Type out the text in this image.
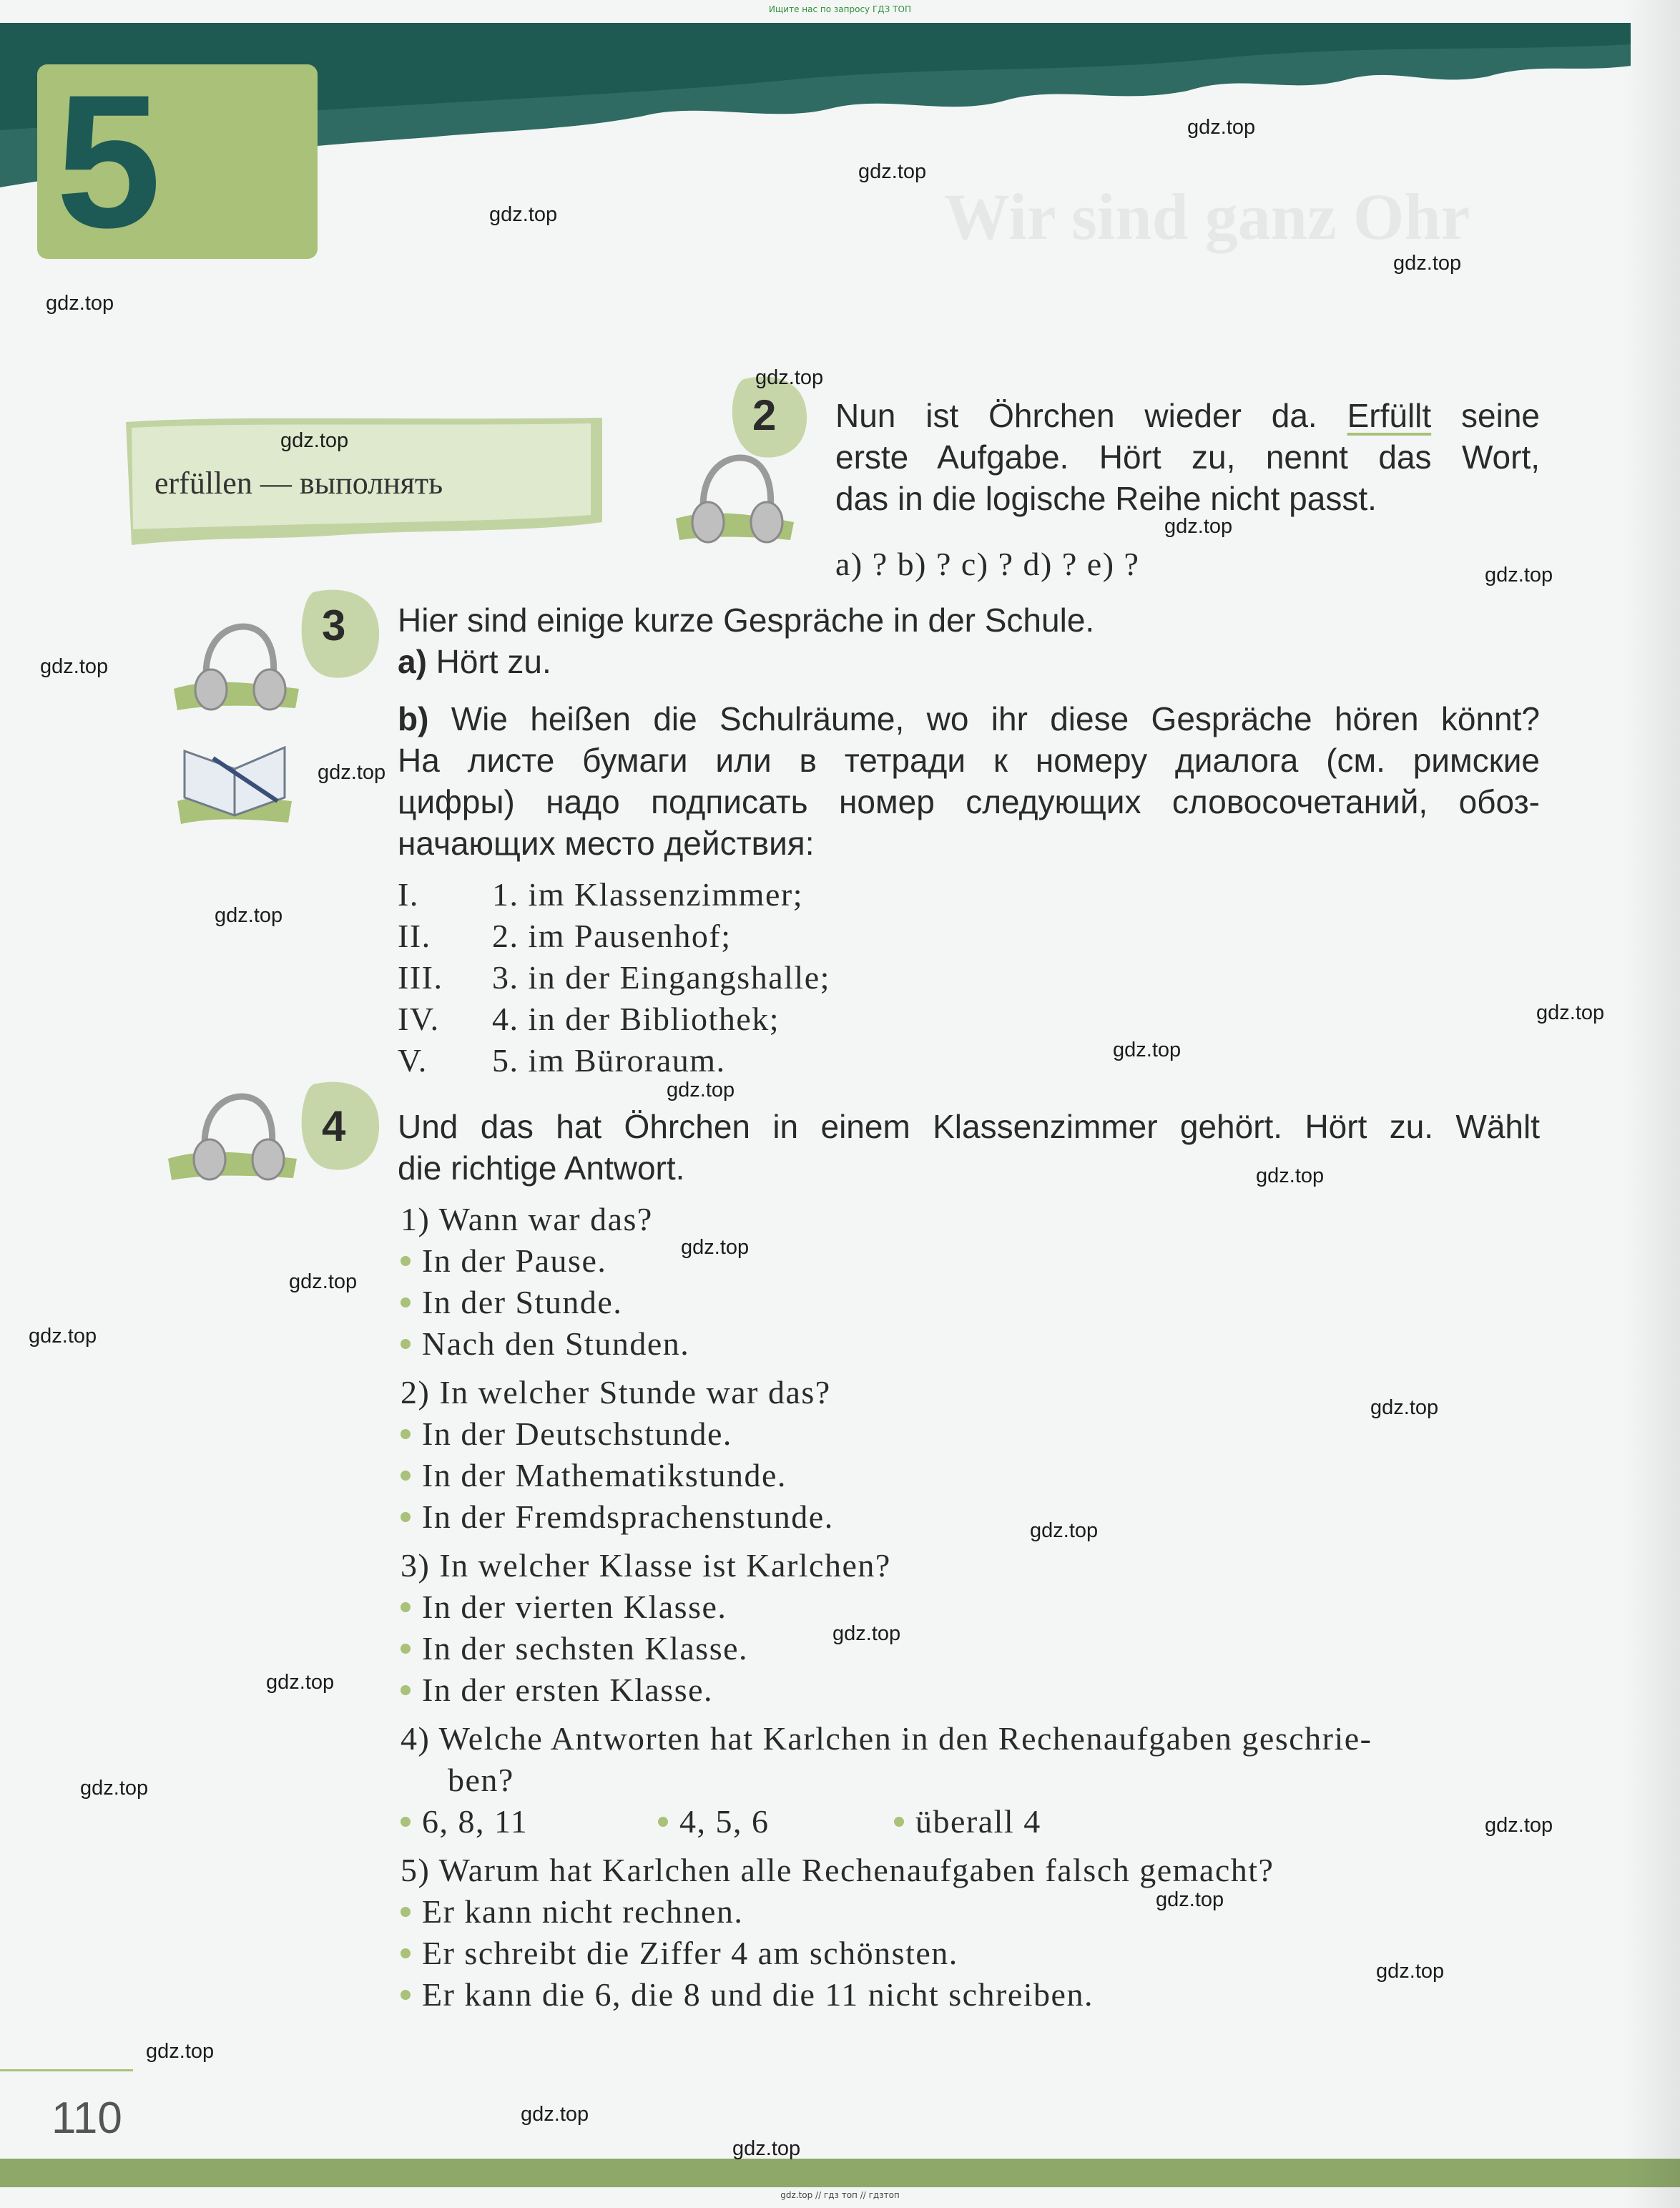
Ищите нас по запросу ГДЗ ТОП
Wir sind ganz Ohr
5
erfüllen — выполнять
2 Nun ist Öhrchen wieder da. Erfüllt seine
erste Aufgabe. Hört zu, nennt das Wort,
das in die logische Reihe nicht passt.
a) ? b) ? c) ? d) ? e) ?
3 Hier sind einige kurze Gespräche in der Schule.
a) Hört zu.
b) Wie heißen die Schulräume, wo ihr diese Gespräche hören könnt?
На листе бумаги или в тетради к номеру диалога (см. римские
цифры) надо подписать номер следующих словосочетаний, обоз-
начающих место действия:
I.	1. im Klassenzimmer;
II.	2. im Pausenhof;
III.	3. in der Eingangshalle;
IV.	4. in der Bibliothek;
V.	5. im Büroraum.
4 Und das hat Öhrchen in einem Klassenzimmer gehört. Hört zu. Wählt
die richtige Antwort.
1) Wann war das?
In der Pause.
In der Stunde.
Nach den Stunden.
2) In welcher Stunde war das?
In der Deutschstunde.
In der Mathematikstunde.
In der Fremdsprachenstunde.
3) In welcher Klasse ist Karlchen?
In der vierten Klasse.
In der sechsten Klasse.
In der ersten Klasse.
4) Welche Antworten hat Karlchen in den Rechenaufgaben geschrie-
ben?
6, 8, 11	4, 5, 6	überall 4
5) Warum hat Karlchen alle Rechenaufgaben falsch gemacht?
Er kann nicht rechnen.
Er schreibt die Ziffer 4 am schönsten.
Er kann die 6, die 8 und die 11 nicht schreiben.
110
gdz.top // гдз топ // гдзтоп
gdz.top
gdz.top
gdz.top
gdz.top
gdz.top
gdz.top
gdz.top
gdz.top
gdz.top
gdz.top
gdz.top
gdz.top
gdz.top
gdz.top
gdz.top
gdz.top
gdz.top
gdz.top
gdz.top
gdz.top
gdz.top
gdz.top
gdz.top
gdz.top
gdz.top
gdz.top
gdz.top
gdz.top
gdz.top
gdz.top
